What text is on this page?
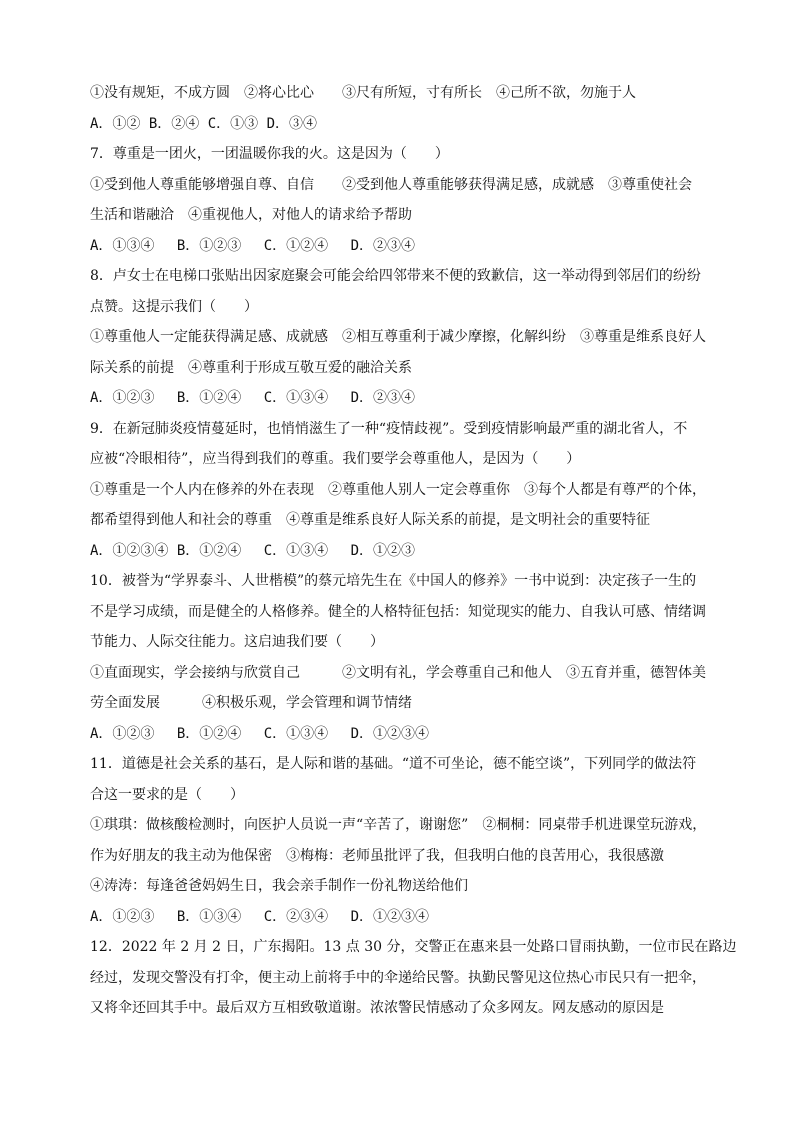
①没有规矩，不成方圆　②将心比心　　③尺有所短，寸有所长　④己所不欲，勿施于人
A．①② B．②④ C．①③ D．③④
7．尊重是一团火，一团温暖你我的火。这是因为（　　）
①受到他人尊重能够增强自尊、自信　　②受到他人尊重能够获得满足感，成就感　③尊重使社会
生活和谐融洽　④重视他人，对他人的请求给予帮助
A．①③④　 B．①②③　 C．①②④　 D．②③④
8．卢女士在电梯口张贴出因家庭聚会可能会给四邻带来不便的致歉信，这一举动得到邻居们的纷纷
点赞。这提示我们（　　）
①尊重他人一定能获得满足感、成就感　②相互尊重利于减少摩擦，化解纠纷　③尊重是维系良好人
际关系的前提　④尊重利于形成互敬互爱的融洽关系
A．①②③　 B．①②④　 C．①③④　 D．②③④
9．在新冠肺炎疫情蔓延时，也悄悄滋生了一种“疫情歧视”。受到疫情影响最严重的湖北省人，不
应被“冷眼相待”，应当得到我们的尊重。我们要学会尊重他人，是因为（　　）
①尊重是一个人内在修养的外在表现　②尊重他人别人一定会尊重你　③每个人都是有尊严的个体，
都希望得到他人和社会的尊重　④尊重是维系良好人际关系的前提，是文明社会的重要特征
A．①②③④ B．①②④　 C．①③④　 D．①②③
10．被誉为“学界泰斗、人世楷模”的蔡元培先生在《中国人的修养》一书中说到：决定孩子一生的
不是学习成绩，而是健全的人格修养。健全的人格特征包括：知觉现实的能力、自我认可感、情绪调
节能力、人际交往能力。这启迪我们要（　　）
①直面现实，学会接纳与欣赏自己　　　②文明有礼，学会尊重自己和他人　③五育并重，德智体美
劳全面发展　　　④积极乐观，学会管理和调节情绪
A．①②③　 B．①②④　 C．①③④　 D．①②③④
11．道德是社会关系的基石，是人际和谐的基础。“道不可坐论，德不能空谈”，下列同学的做法符
合这一要求的是（　　）
①琪琪：做核酸检测时，向医护人员说一声“辛苦了，谢谢您”　②桐桐：同桌带手机进课堂玩游戏，
作为好朋友的我主动为他保密　③梅梅：老师虽批评了我，但我明白他的良苦用心，我很感激
④涛涛：每逢爸爸妈妈生日，我会亲手制作一份礼物送给他们
A．①②③　 B．①③④　 C．②③④　 D．①②③④
12．2022 年 2 月 2 日，广东揭阳。13 点 30 分，交警正在惠来县一处路口冒雨执勤，一位市民在路边
经过，发现交警没有打伞，便主动上前将手中的伞递给民警。执勤民警见这位热心市民只有一把伞，
又将伞还回其手中。最后双方互相致敬道谢。浓浓警民情感动了众多网友。网友感动的原因是
